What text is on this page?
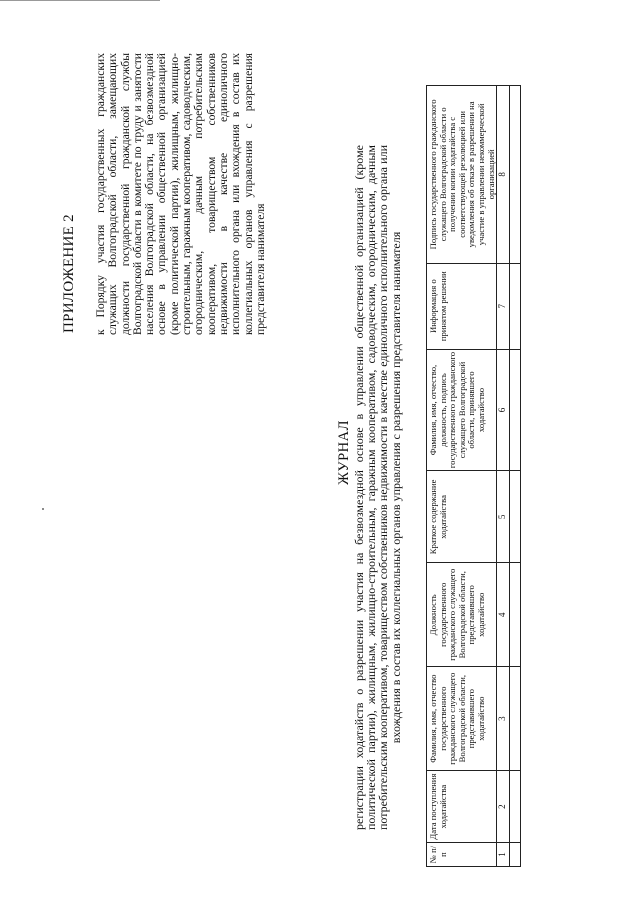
ПРИЛОЖЕНИЕ 2 к Порядку участия государственных гражданских служащих Волгоградской области, замещающих должности государственной гражданской службы Волгоградской области в комитете по труду и занятости населения Волгоградской области, на безвозмездной основе в управлении общественной организацией (кроме политической партии), жилищным, жилищно-строительным, гаражным кооперативом, садоводческим, огородническим, дачным потребительским кооперативом, товариществом собственников недвижимости в качестве единоличного исполнительного органа или вхождения в состав их коллегиальных органов управления с разрешения представителя нанимателя
ЖУРНАЛ регистрации ходатайств о разрешении участия на безвозмездной основе в управлении общественной организацией (кроме политической партии), жилищным, жилищно-строительным, гаражным кооперативом, садоводческим, огородническим, дачным потребительским кооперативом, товариществом собственников недвижимости в качестве единоличного исполнительного органа или вхождения в состав их коллегиальных органов управления с разрешения представителя нанимателя
№ п/п	Дата поступления ходатайства	Фамилия, имя, отчество государственного гражданского служащего Волгоградской области, представившего ходатайство	Должность государственного гражданского служащего Волгоградской области, представившего ходатайство	Краткое содержание ходатайства	Фамилия, имя, отчество, должность, подпись государственного гражданского служащего Волгоградской области, принявшего ходатайство	Информация о принятом решении	Подпись государственного гражданского служащего Волгоградской области о получении копии ходатайства с соответствующей резолюцией или уведомления об отказе в разрешении на участие в управлении некоммерческой организацией
1	2	3	4	5	6	7	8
